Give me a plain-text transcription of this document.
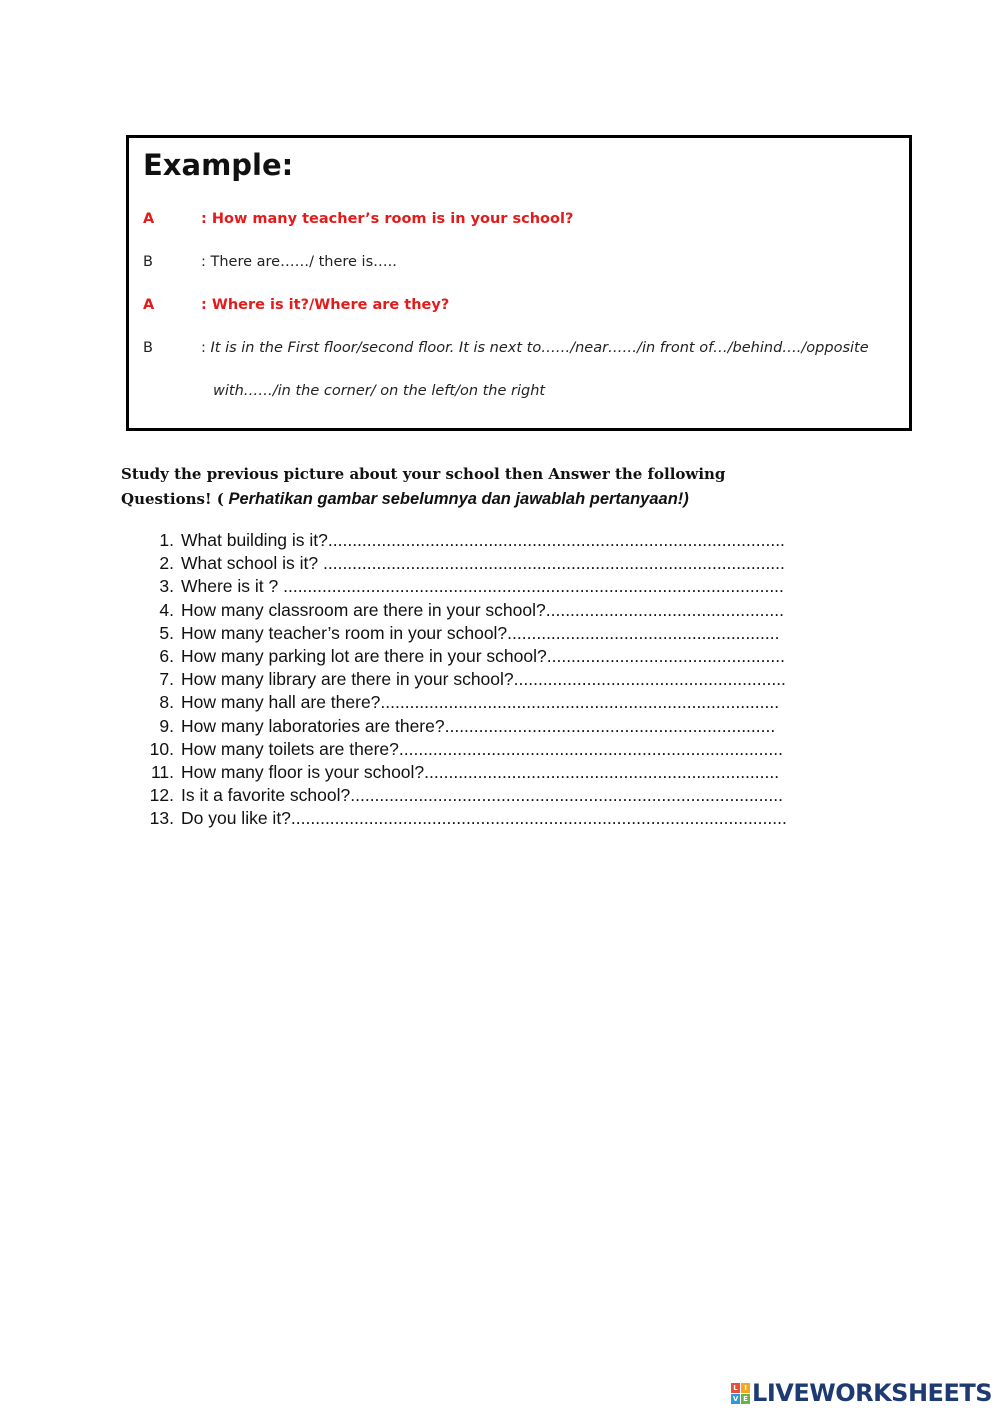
Example:
A	: How many teacher’s room is in your school?
B	: There are……/ there is…..
A	: Where is it?/Where are they?
B	: It is in the First floor/second floor. It is next to……/near……/in front of…/behind…./opposite
with……/in the corner/ on the left/on the right
Study the previous picture about your school then Answer the following Questions! ( Perhatikan gambar sebelumnya dan jawablah pertanyaan!)
1. What building is it?..............................................................................................
2. What school is it? ...............................................................................................
3. Where is it ? .......................................................................................................
4. How many classroom are there in your school?.................................................
5. How many teacher’s room in your school?........................................................
6. How many parking lot are there in your school?.................................................
7. How many library are there in your school?........................................................
8. How many hall are there?..................................................................................
9. How many laboratories are there?....................................................................
10. How many toilets are there?...............................................................................
11. How many floor is your school?.........................................................................
12. Is it a favorite school?.........................................................................................
13. Do you like it?......................................................................................................
L I
V E LIVEWORKSHEETS
